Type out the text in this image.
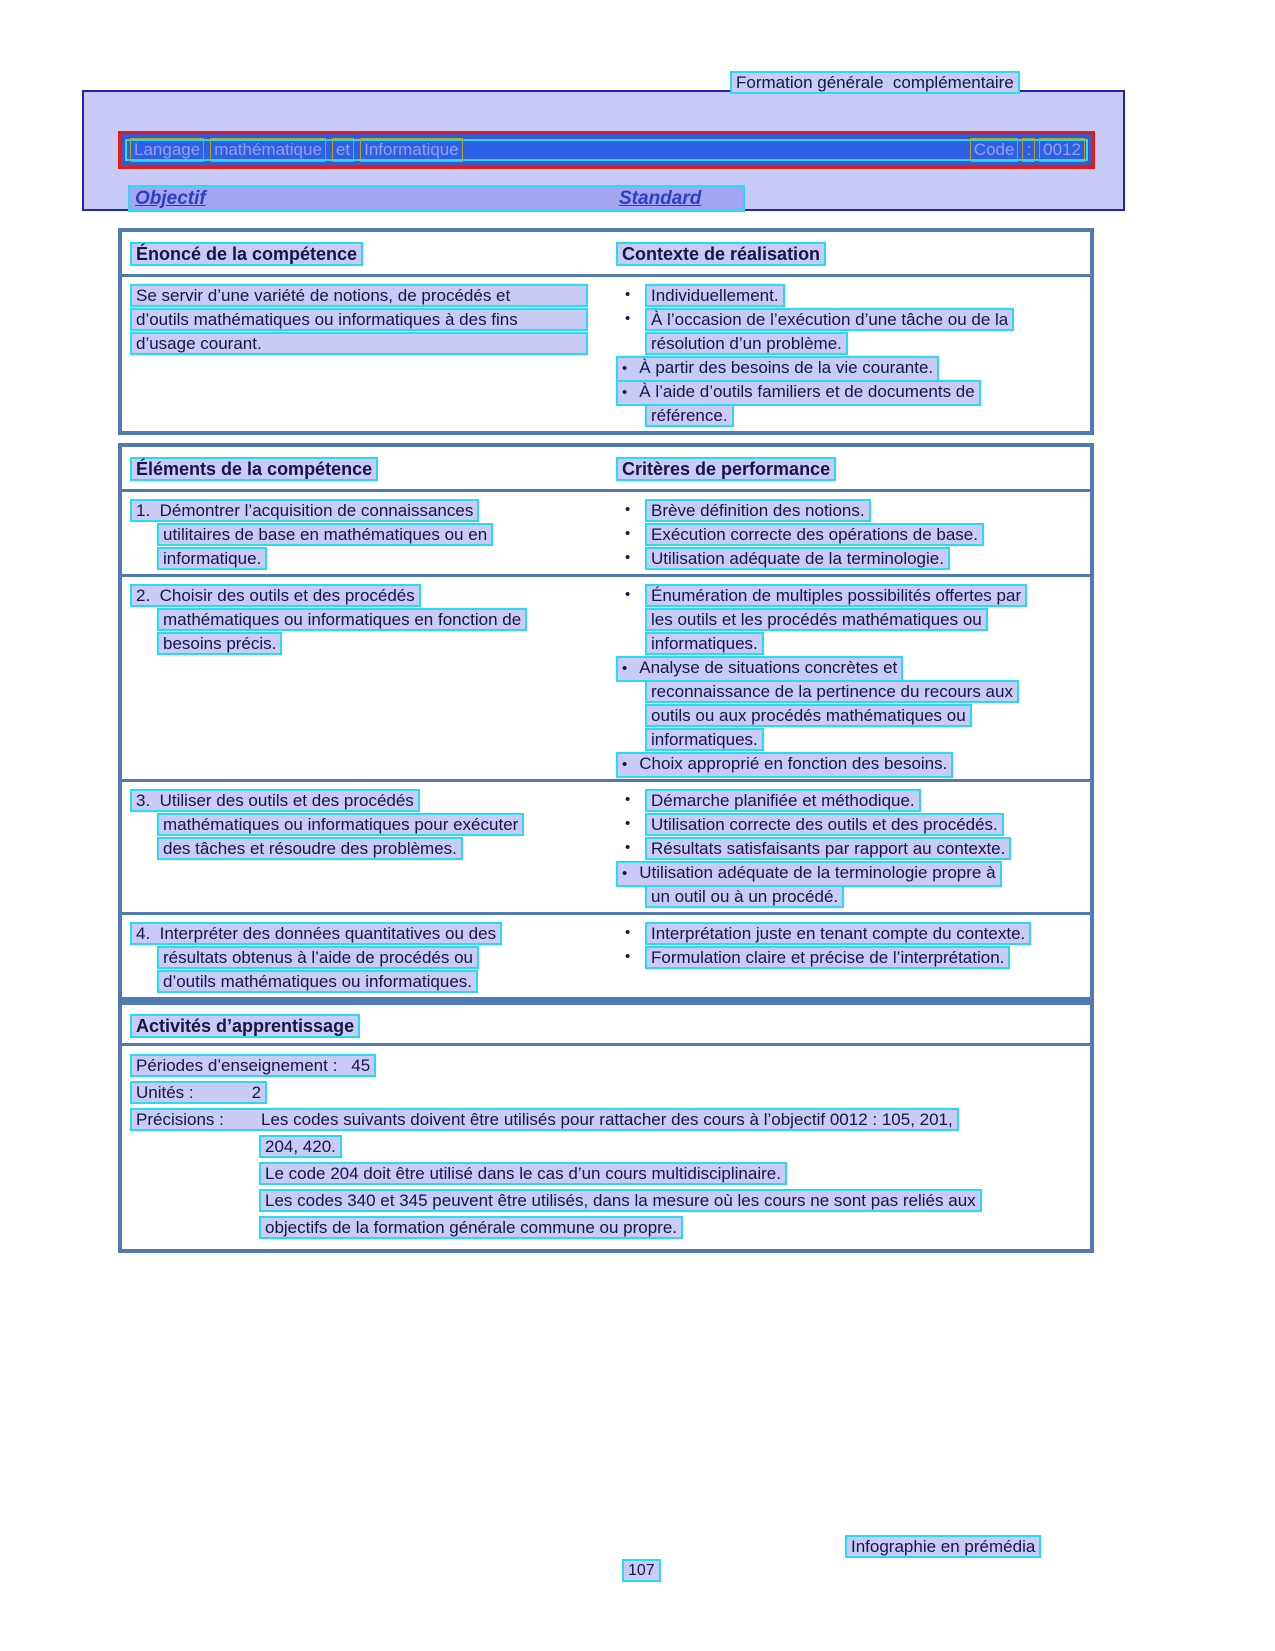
Formation générale  complémentaire
Langage mathématique et Informatique	Code : 0012
Objectif	Standard
Énoncé de la compétence	Contexte de réalisation
Se servir d’une variété de notions, de procédés et
d’outils mathématiques ou informatiques à des fins
d’usage courant.
• Individuellement.
• À l’occasion de l’exécution d’une tâche ou de la
résolution d’un problème.
• À partir des besoins de la vie courante.
• À l’aide d’outils familiers et de documents de
référence.
Éléments de la compétence	Critères de performance
1.  Démontrer l’acquisition de connaissances
utilitaires de base en mathématiques ou en
informatique.
• Brève définition des notions.
• Exécution correcte des opérations de base.
• Utilisation adéquate de la terminologie.
2.  Choisir des outils et des procédés
mathématiques ou informatiques en fonction de
besoins précis.
• Énumération de multiples possibilités offertes par
les outils et les procédés mathématiques ou
informatiques.
• Analyse de situations concrètes et
reconnaissance de la pertinence du recours aux
outils ou aux procédés mathématiques ou
informatiques.
• Choix approprié en fonction des besoins.
3.  Utiliser des outils et des procédés
mathématiques ou informatiques pour exécuter
des tâches et résoudre des problèmes.
• Démarche planifiée et méthodique.
• Utilisation correcte des outils et des procédés.
• Résultats satisfaisants par rapport au contexte.
• Utilisation adéquate de la terminologie propre à
un outil ou à un procédé.
4.  Interpréter des données quantitatives ou des
résultats obtenus à l’aide de procédés ou
d’outils mathématiques ou informatiques.
• Interprétation juste en tenant compte du contexte.
• Formulation claire et précise de l’interprétation.
Activités d’apprentissage
Périodes d’enseignement : 45
Unités :	2
Précisions : Les codes suivants doivent être utilisés pour rattacher des cours à l’objectif 0012 : 105, 201,
204, 420.
Le code 204 doit être utilisé dans le cas d’un cours multidisciplinaire.
Les codes 340 et 345 peuvent être utilisés, dans la mesure où les cours ne sont pas reliés aux
objectifs de la formation générale commune ou propre.
Infographie en prémédia
107
